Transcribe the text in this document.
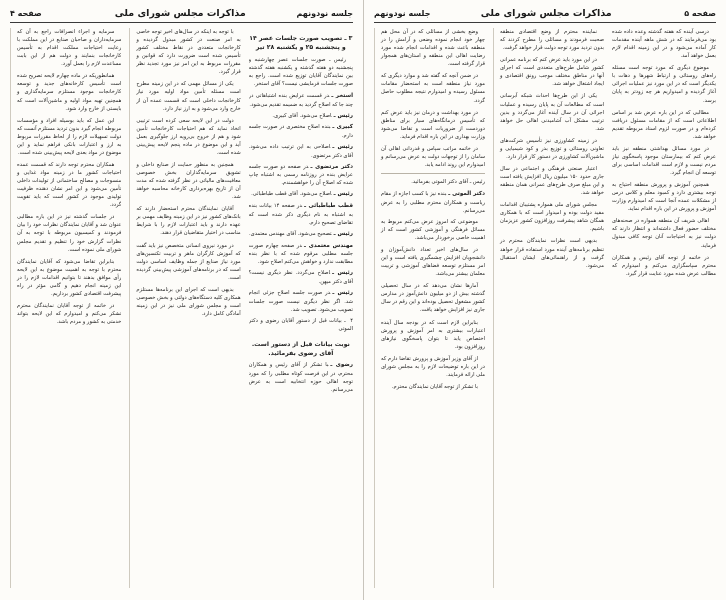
صفحه ۵
مذاکرات مجلس شورای ملی
جلسه نودونهم

درسی آینده که هفته گذشته وعده داده شده بود می‌فرمایند که در شش ماهه آینده مقدمات کار آماده می‌شود و در این زمینه اقدام لازم بعمل خواهد آمد.

موضوع دیگری که مورد توجه است مسئله راه‌های روستائی و ارتباط شهرها و دهات با یکدیگر است که در این مورد نیز عملیات اجرائی آغاز گردیده و امیدواریم هر چه زودتر به پایان برسد.

مطالبی که در این باره عرض شد بر اساس اطلاعاتی است که از مقامات مسئول دریافت کرده‌ام و در صورت لزوم اسناد مربوطه تقدیم خواهد شد.

در مورد مسائل بهداشتی منطقه نیز باید عرض کنم که بیمارستان موجود پاسخگوی نیاز مردم نیست و لازم است اقدامات اساسی برای توسعه آن انجام گیرد.

همچنین آموزش و پرورش منطقه احتیاج به توجه بیشتری دارد و کمبود معلم و کلاس درس از مشکلات عمده آنجا است که امیدوارم وزارت آموزش و پرورش در این باره اقدام نماید.

اهالی شریف آن منطقه همواره در صحنه‌های مختلف حضور فعال داشته‌اند و انتظار دارند که دولت نیز به احتیاجات آنان توجه کافی مبذول فرماید.

در خاتمه از توجه آقای رئیس و همکاران محترم سپاسگزاری می‌کنم و امیدوارم که مطالب عرض شده مورد عنایت قرار گیرد.

نماینده محترم از وضع اقتصادی منطقه صحبت فرمودند و مسائلی را مطرح کردند که بدون تردید مورد توجه دولت قرار خواهد گرفت.

در این مورد باید عرض کنم که برنامه عمرانی کشور شامل طرح‌های متعددی است که اجرای آنها در مناطق مختلف موجب رونق اقتصادی و ایجاد اشتغال خواهد شد.

یکی از این طرح‌ها احداث شبکه آبرسانی است که مطالعات آن به پایان رسیده و عملیات اجرائی آن در سال آینده آغاز می‌گردد و بدین ترتیب مشکل آب آشامیدنی اهالی حل خواهد شد.

در زمینه کشاورزی نیز تأسیس شرکت‌های تعاونی روستائی و توزیع بذر و کود شیمیایی و ماشین‌آلات کشاورزی در دستور کار قرار دارد.

اعتبار صنعتی فرهنگی و اجتماعی در سال جاری حدود ۱۵۰ میلیون ریال افزایش یافته است و این مبلغ صرف طرح‌های عمرانی همان منطقه خواهد شد.

مجلس شورای ملی همواره پشتیبان اقدامات مفید دولت بوده و امیدوار است که با همکاری همگان شاهد پیشرفت روزافزون کشور عزیزمان باشیم.

بدیهی است نظرات نمایندگان محترم در تنظیم برنامه‌های آینده مورد استفاده قرار خواهد گرفت و از راهنمائی‌های ایشان استقبال می‌شود.

وضع بخشی از مسائلی که در آن محل هم چهار خود انجام نموده وضعی و آرامش را در منطقه باعث شده و اقدامات انجام شده مورد رضایت اهالی این منطقه و استان‌های همجوار قرار گرفته است.

در ضمن آنچه که گفته شد و موارد دیگری که مورد نیاز منطقه است به استحضار مقامات مسئول رسیده و امیدوارم نتیجه مطلوب حاصل گردد.

در مورد بهداشت و درمان نیز باید عرض کنم که تأسیس درمانگاه‌های سیار برای مناطق دوردست از ضروریات است و تقاضا می‌شود وزارت بهداری در این باره اقدام فرماید.

در خاتمه مراتب سپاس و قدردانی اهالی آن سامان را از توجهات دولت به عرض می‌رسانم و امیدوارم این روند ادامه یابد.

رئیس ـ آقای دکتر الموتی بفرمائید.

دکتر الموتی ـبنده نیز با کسب اجازه از مقام ریاست و همکاران محترم مطلبی را به عرض می‌رسانم.

موضوعی که امروز عرض می‌کنم مربوط به مسائل فرهنگی و آموزشی کشور است که از اهمیت خاصی برخوردار می‌باشد.

در سال‌های اخیر تعداد دانش‌آموزان و دانشجویان افزایش چشمگیری یافته است و این امر مستلزم توسعه فضاهای آموزشی و تربیت معلمان بیشتر می‌باشد.

آمارها نشان می‌دهد که در سال تحصیلی گذشته بیش از دو میلیون دانش‌آموز در مدارس کشور مشغول تحصیل بوده‌اند و این رقم در سال جاری نیز افزایش خواهد یافت.

بنابراین لازم است که در بودجه سال آینده اعتبارات بیشتری به امر آموزش و پرورش اختصاص یابد تا بتوان پاسخگوی نیازهای روزافزون بود.

از آقای وزیر آموزش و پرورش تقاضا دارم که در این باره توضیحات لازم را به مجلس شورای ملی ارائه فرمایند.

با تشکر از توجه آقایان نمایندگان محترم.

جلسه نودونهم
مذاکرات مجلس شورای ملی
صفحه ۴
۳ ـ تصویب صورت جلسات عصر ۱۴ و پنجشنبه ۲۵ و یکشنبه ۲۸ تیر

رئیس ـ صورت جلسات عصر چهارشنبه و پنجشنبه دو هفته گذشته و یکشنبه هفته گذشته بین نمایندگان آقایان توزیع شده است. راجع به صورت جلسات فرمایشی نیست؟ آقای استخر.

استخر ـدر قسمت عرایض بنده اشتباهاتی در چند جا که اصلاح گردید به ضمیمه تقدیم می‌شود.

رئیس ـاصلاح می‌شود. آقای کبیری.

کبیری ـبنده اصلاح مختصری در صورت جلسه دارم.

رئیس ـاصلاحی به این ترتیب داده می‌شود. آقای دکتر مرتضوی.

دکتر مرتضوی ـدر صفحه دو صورت جلسه عرایض بنده در روزنامه رسمی به اشتباه چاپ شده که اصلاح آن را خواهشمندم.

رئیس ـاصلاح می‌شود. آقای قطب طباطبائی.

قطب طباطبائی ـدر صفحه ۱۴ بیانات بنده به اشتباه به نام دیگری ذکر شده است که تقاضای تصحیح دارم.

رئیس ـتصحیح می‌شود. آقای مهندس معتمدی.

مهندس معتمدی ـدر صفحه چهارم صورت جلسه مطلبی مرقوم شده که با نظر بنده مطابقت ندارد و خواهش می‌کنم اصلاح شود.

رئیس ـاصلاح می‌گردد. نظر دیگری نیست؟ آقای دکتر میهن.

رئیس ـدر صورت جلسه اصلاح جزئی انجام شد. اگر نظر دیگری نیست صورت جلسات تصویب می‌شود. تصویب شد.

۴ ـ بیانات قبل از دستور آقایان رضوی و دکتر الموتی

نوبت بیانات قبل از دستور است. آقای رضوی بفرمائید.

رضوی ـبا تشکر از آقای رئیس و همکاران محترم، در این فرصت کوتاه مطلبی را که مورد توجه اهالی حوزه انتخابیه است به عرض می‌رسانم.

با توجه به اینکه در سال‌های اخیر توجه خاصی به امر صنعت در کشور مبذول گردیده و کارخانجات متعددی در نقاط مختلف کشور تأسیس شده است ضرورت دارد که قوانین و مقررات مربوط به این امر نیز مورد تجدید نظر قرار گیرد.

یکی از مسائل مهمی که در این زمینه مطرح است مسئله تأمین مواد اولیه مورد نیاز کارخانجات داخلی است که قسمت عمده آن از خارج وارد می‌شود و به ارز نیاز دارد.

دولت در این لایحه سعی کرده است ترتیبی اتخاذ نماید که هم احتیاجات کارخانجات تأمین شود و هم از خروج بی‌رویه ارز جلوگیری بعمل آید و این موضوع در ماده پنجم لایحه پیش‌بینی شده است.

همچنین به منظور حمایت از صنایع داخلی و تشویق سرمایه‌گذاران بخش خصوصی معافیت‌های مالیاتی در نظر گرفته شده که مدت آن از تاریخ بهره‌برداری کارخانه محاسبه خواهد شد.

آقایان نمایندگان محترم استحضار دارند که بانک‌های کشور نیز در این زمینه وظایف مهمی بر عهده دارند و باید اعتبارات لازم را با شرایط مناسب در اختیار متقاضیان قرار دهند.

در مورد نیروی انسانی متخصص نیز باید گفت که آموزش کارگران ماهر و تربیت تکنسین‌های مورد نیاز صنایع از جمله وظایف اساسی دولت است که در برنامه‌های آموزشی پیش‌بینی گردیده است.

بدیهی است که اجرای این برنامه‌ها مستلزم همکاری کلیه دستگاه‌های دولتی و بخش خصوصی است و مجلس شورای ملی نیز در این زمینه آمادگی کامل دارد.

سرمایه و اجراء انصرافات راجع به آن که سرمایه‌داران و صاحبان صنایع در این مملکت با رعایت احتیاجات مملکت اقدام به تأسیس کارخانجات بنمایند و دولت هم از این بابت مساعدت لازم را بعمل آورد.

همانطوریکه در ماده چهارم لایحه تصریح شده است تأسیس کارخانه‌های جدید و توسعه کارخانجات موجود مستلزم سرمایه‌گذاری و همچنین تهیه مواد اولیه و ماشین‌آلات است که بایستی از خارج وارد شود.

این عمل که باید بوسیله افراد و مؤسسات مربوطه انجام گیرد بدون تردید مستلزم آنست که دولت تسهیلات لازم را از لحاظ مقررات مربوط به ارز و اعتبارات بانکی فراهم نماید و این موضوع در مواد بعدی لایحه پیش‌بینی شده است.

همکاران محترم توجه دارند که قسمت عمده احتیاجات کشور ما در زمینه مواد غذایی و منسوجات و مصالح ساختمانی از تولیدات داخلی تأمین می‌شود و این امر نشان دهنده ظرفیت تولیدی موجود در کشور است که باید تقویت گردد.

در جلسات گذشته نیز در این باره مطالبی عنوان شد و آقایان نمایندگان نظرات خود را بیان فرمودند و کمیسیون مربوطه با توجه به آن نظرات گزارش خود را تنظیم و تقدیم مجلس شورای ملی نموده است.

بنابراین تقاضا می‌شود که آقایان نمایندگان محترم با توجه به اهمیت موضوع به این لایحه رأی موافق بدهند تا بتوانیم اقدامات لازم را در این زمینه انجام دهیم و گامی مؤثر در راه پیشرفت اقتصادی کشور برداریم.

در خاتمه از توجه آقایان نمایندگان محترم تشکر می‌کنم و امیدوارم که این لایحه بتواند خدمتی به کشور و مردم باشد.
